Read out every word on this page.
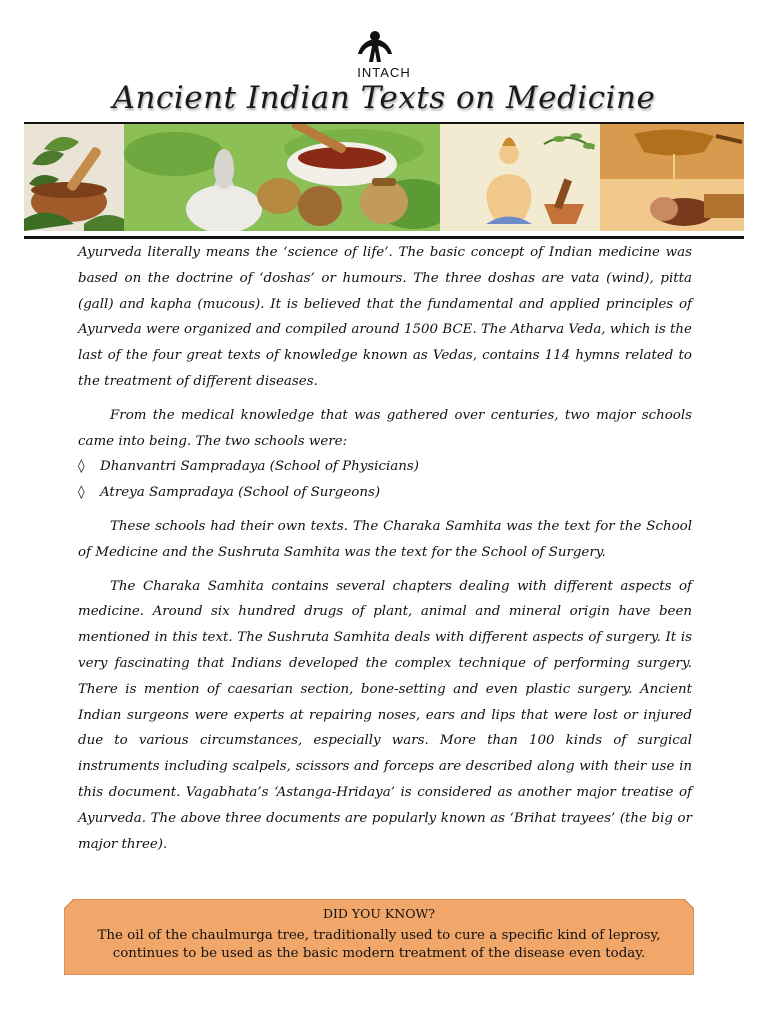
INTACH
Ancient Indian Texts on Medicine

Ayurveda literally means the ‘science of life’. The basic concept of Indian medicine was based on the doctrine of ‘doshas’ or humours. The three doshas are vata (wind), pitta (gall) and kapha (mucous). It is believed that the fundamental and applied principles of Ayurveda were organized and compiled around 1500 BCE. The Atharva Veda, which is the last of the four great texts of knowledge known as Vedas, contains 114 hymns related to the treatment of different diseases.

From the medical knowledge that was gathered over centuries, two major schools came into being. The two schools were:

◊ Dhanvantri Sampradaya (School of Physicians)
◊ Atreya Sampradaya (School of Surgeons)

These schools had their own texts. The Charaka Samhita was the text for the School of Medicine and the Sushruta Samhita was the text for the School of Surgery.

The Charaka Samhita contains several chapters dealing with different aspects of medicine. Around six hundred drugs of plant, animal and mineral origin have been mentioned in this text. The Sushruta Samhita deals with different aspects of surgery. It is very fascinating that Indians developed the complex technique of performing surgery. There is mention of caesarian section, bone-setting and even plastic surgery. Ancient Indian surgeons were experts at repairing noses, ears and lips that were lost or injured due to various circumstances, especially wars. More than 100 kinds of surgical instruments including scalpels, scissors and forceps are described along with their use in this document. Vagabhata’s ‘Astanga-Hridaya’ is considered as another major treatise of Ayurveda. The above three documents are popularly known as ‘Brihat trayees’ (the big or major three).

DID YOU KNOW?
The oil of the chaulmurga tree, traditionally used to cure a specific kind of leprosy, continues to be used as the basic modern treatment of the disease even today.
